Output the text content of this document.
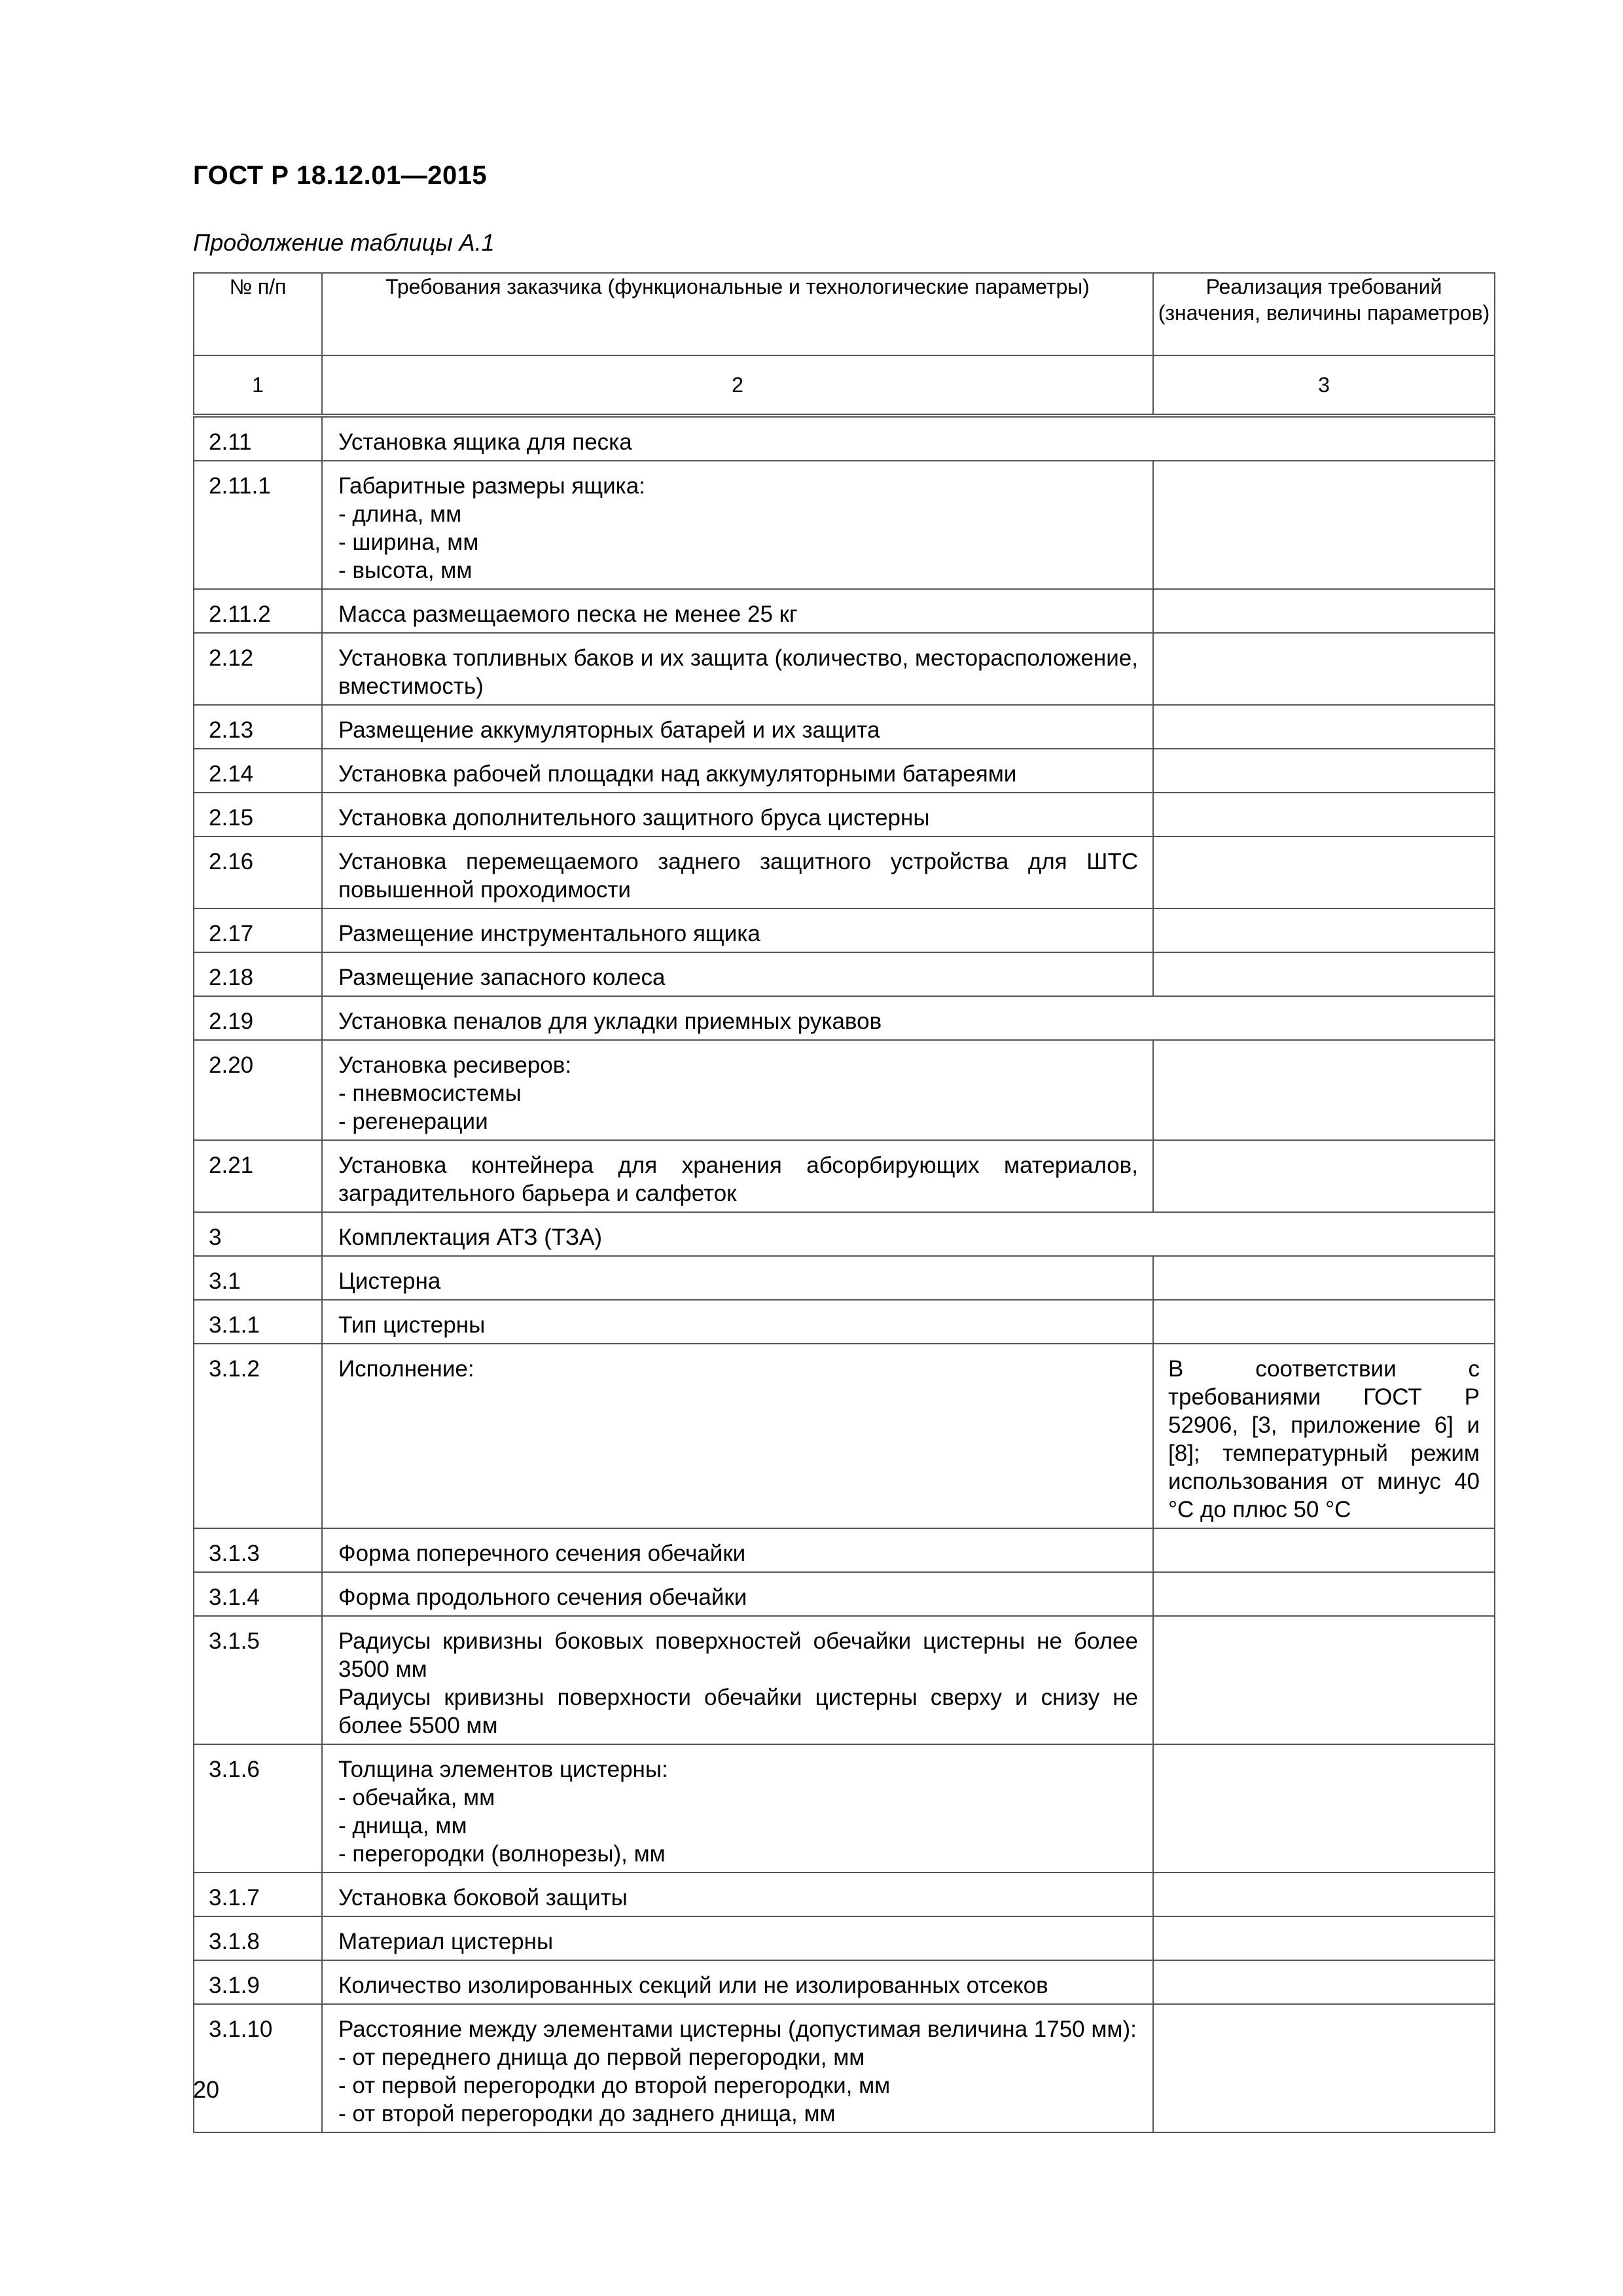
ГОСТ Р 18.12.01—2015
Продолжение таблицы А.1
№ п/п	Требования заказчика (функциональные и технологические параметры)	Реализация требований (значения, величины параметров)
1	2	3
2.11	Установка ящика для песка	
2.11.1	Габаритные размеры ящика:
- длина, мм
- ширина, мм
- высота, мм	

2.11.2	Масса размещаемого песка не менее 25 кг	
2.12	Установка топливных баков и их защита (количество, месторасположение, вместимость)	
2.13	Размещение аккумуляторных батарей и их защита	
2.14	Установка рабочей площадки над аккумуляторными батареями	
2.15	Установка дополнительного защитного бруса цистерны	
2.16	Установка перемещаемого заднего защитного устройства для ШТС повышенной проходимости	
2.17	Размещение инструментального ящика	
2.18	Размещение запасного колеса	
2.19	Установка пеналов для укладки приемных рукавов	
2.20	Установка ресиверов:
- пневмосистемы
- регенерации	

2.21	Установка контейнера для хранения абсорбирующих материалов, заградительного барьера и салфеток	
3	Комплектация АТЗ (ТЗА)	
3.1	Цистерна	
3.1.1	Тип цистерны	
3.1.2	Исполнение:	В соответствии с требованиями ГОСТ Р 52906, [3, приложение 6] и [8]; температурный режим использования от минус 40 °С до плюс 50 °С
3.1.3	Форма поперечного сечения обечайки	
3.1.4	Форма продольного сечения обечайки	
3.1.5	Радиусы кривизны боковых поверхностей обечайки цистерны не более 3500 мм
Радиусы кривизны поверхности обечайки цистерны сверху и снизу не более 5500 мм	

3.1.6	Толщина элементов цистерны:
- обечайка, мм
- днища, мм
- перегородки (волнорезы), мм	

3.1.7	Установка боковой защиты	
3.1.8	Материал цистерны	
3.1.9	Количество изолированных секций или не изолированных отсеков	
3.1.10	Расстояние между элементами цистерны (допустимая величина 1750 мм):
- от переднего днища до первой перегородки, мм
- от первой перегородки до второй перегородки, мм
- от второй перегородки до заднего днища, мм	

20
